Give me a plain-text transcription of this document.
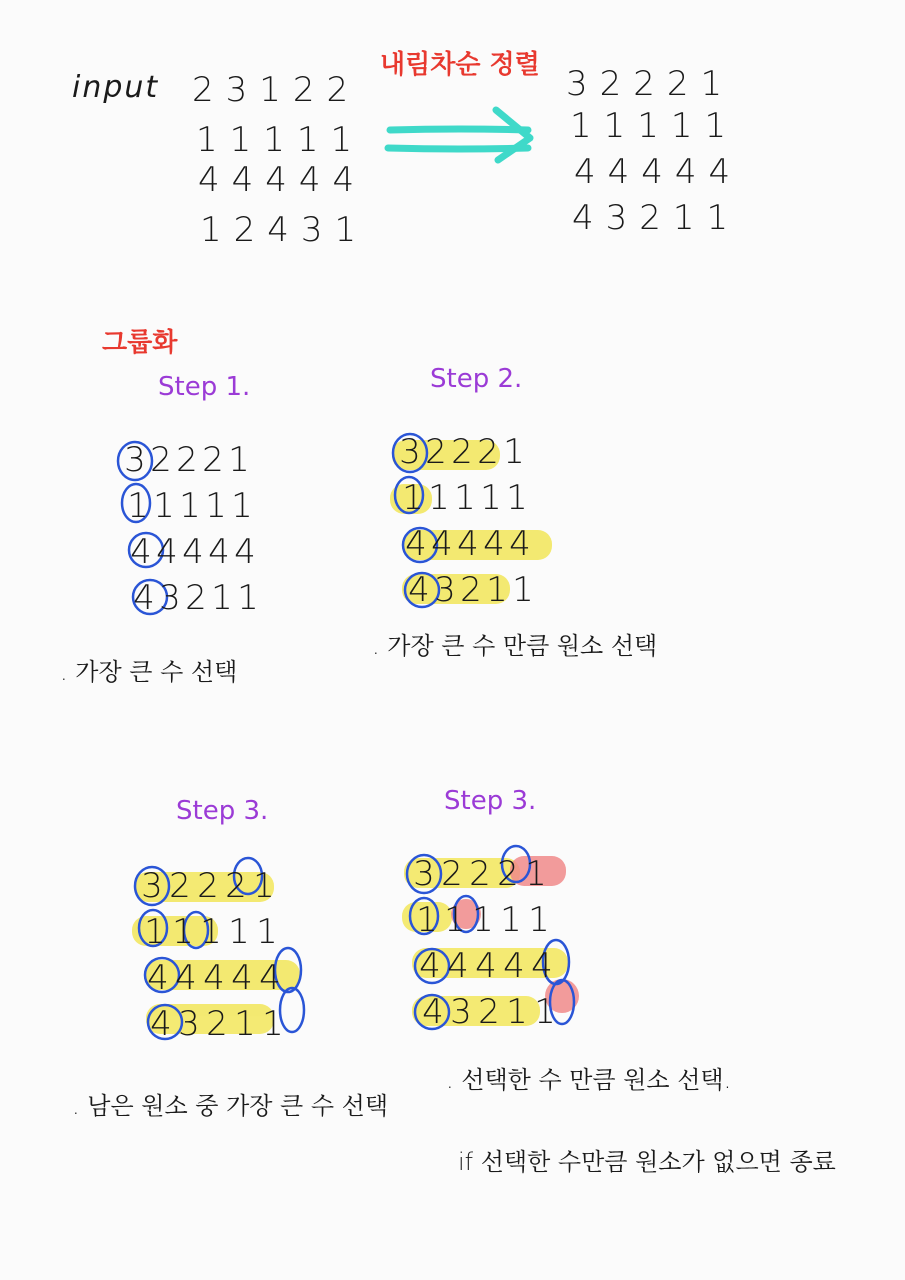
input 23122
11111
44444
12431
내림차순 정렬 32221
11111
44444
43211
그룹화
Step 1.	Step 2.
Step 3.	Step 3.
3 2 2 2 1
1 1 1 1 1
4 4 4 4 4
4 3 2 1 1
3 2 2 2 1
1 1 1 1 1
4 4 4 4 4
4 3 2 1 1
3 2 2 2 1
1 1 1 1 1
4 4 4 4 4
4 3 2 1 1
3 2 2 2 1
1 1 1 1 1
4 4 4 4 4
4 3 2 1 1
. 가장 큰 수 선택
. 가장 큰 수 만큼 원소 선택
. 남은 원소 중 가장 큰 수 선택
. 선택한 수 만큼 원소 선택.
if 선택한 수만큼 원소가 없으면 종료
